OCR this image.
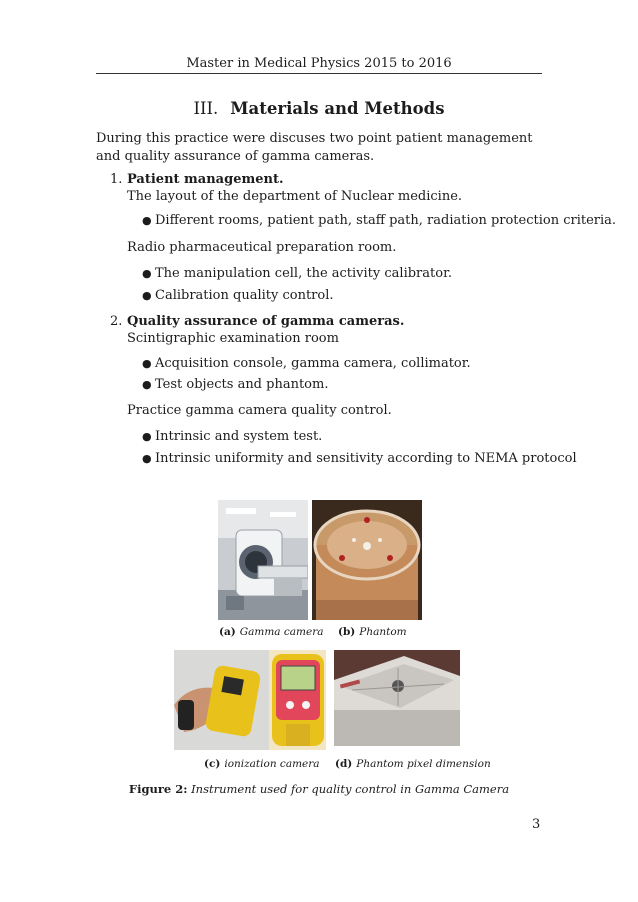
Master in Medical Physics 2015 to 2016
III. Materials and Methods
During this practice were discuses two point patient management and quality assurance of gamma cameras.
1. Patient management.
The layout of the department of Nuclear medicine.
● Different rooms, patient path, staff path, radiation protection criteria.
Radio pharmaceutical preparation room.
● The manipulation cell, the activity calibrator.
● Calibration quality control.
2. Quality assurance of gamma cameras.
Scintigraphic examination room
● Acquisition console, gamma camera, collimator.
● Test objects and phantom.
Practice gamma camera quality control.
● Intrinsic and system test.
● Intrinsic uniformity and sensitivity according to NEMA protocol
(a) Gamma camera (b) Phantom
(c) ionization camera (d) Phantom pixel dimension
Figure 2: Instrument used for quality control in Gamma Camera
3
